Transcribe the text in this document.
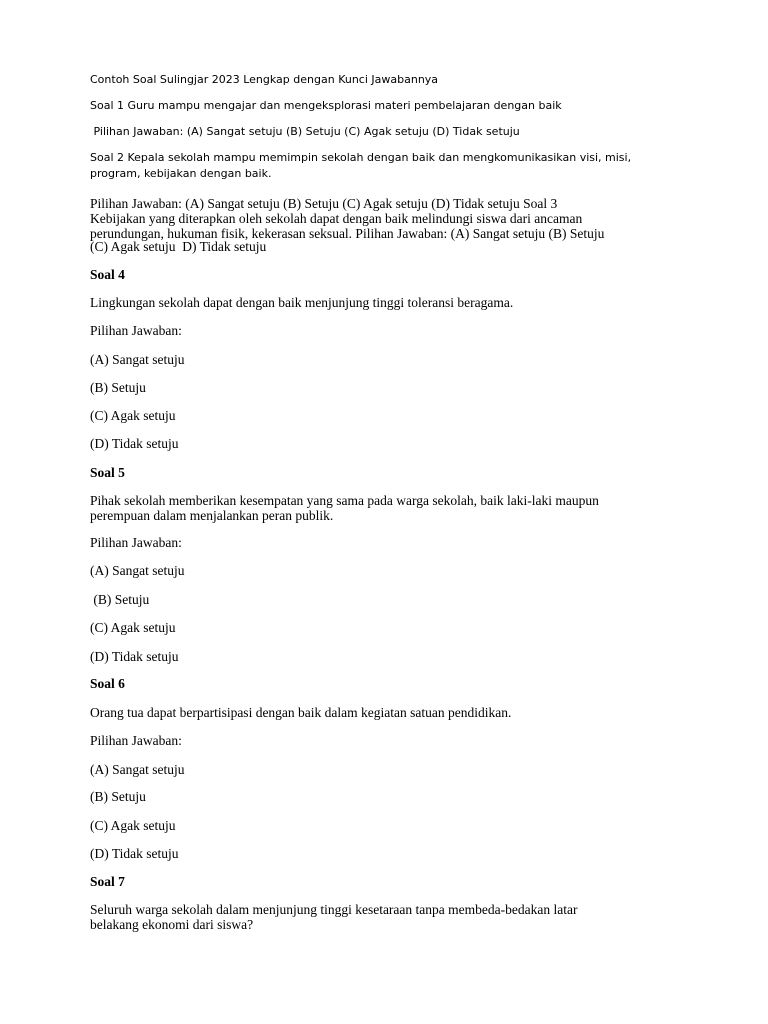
Contoh Soal Sulingjar 2023 Lengkap dengan Kunci Jawabannya

Soal 1 Guru mampu mengajar dan mengeksplorasi materi pembelajaran dengan baik

Pilihan Jawaban: (A) Sangat setuju (B) Setuju (C) Agak setuju (D) Tidak setuju

Soal 2 Kepala sekolah mampu memimpin sekolah dengan baik dan mengkomunikasikan visi, misi,

program, kebijakan dengan baik.

Pilihan Jawaban: (A) Sangat setuju (B) Setuju (C) Agak setuju (D) Tidak setuju Soal 3

Kebijakan yang diterapkan oleh sekolah dapat dengan baik melindungi siswa dari ancaman

perundungan, hukuman fisik, kekerasan seksual. Pilihan Jawaban: (A) Sangat setuju (B) Setuju

(C) Agak setuju  D) Tidak setuju

Soal 4

Lingkungan sekolah dapat dengan baik menjunjung tinggi toleransi beragama.

Pilihan Jawaban:

(A) Sangat setuju

(B) Setuju

(C) Agak setuju

(D) Tidak setuju

Soal 5

Pihak sekolah memberikan kesempatan yang sama pada warga sekolah, baik laki-laki maupun

perempuan dalam menjalankan peran publik.

Pilihan Jawaban:

(A) Sangat setuju

(B) Setuju

(C) Agak setuju

(D) Tidak setuju

Soal 6

Orang tua dapat berpartisipasi dengan baik dalam kegiatan satuan pendidikan.

Pilihan Jawaban:

(A) Sangat setuju

(B) Setuju

(C) Agak setuju

(D) Tidak setuju

Soal 7

Seluruh warga sekolah dalam menjunjung tinggi kesetaraan tanpa membeda-bedakan latar

belakang ekonomi dari siswa?
